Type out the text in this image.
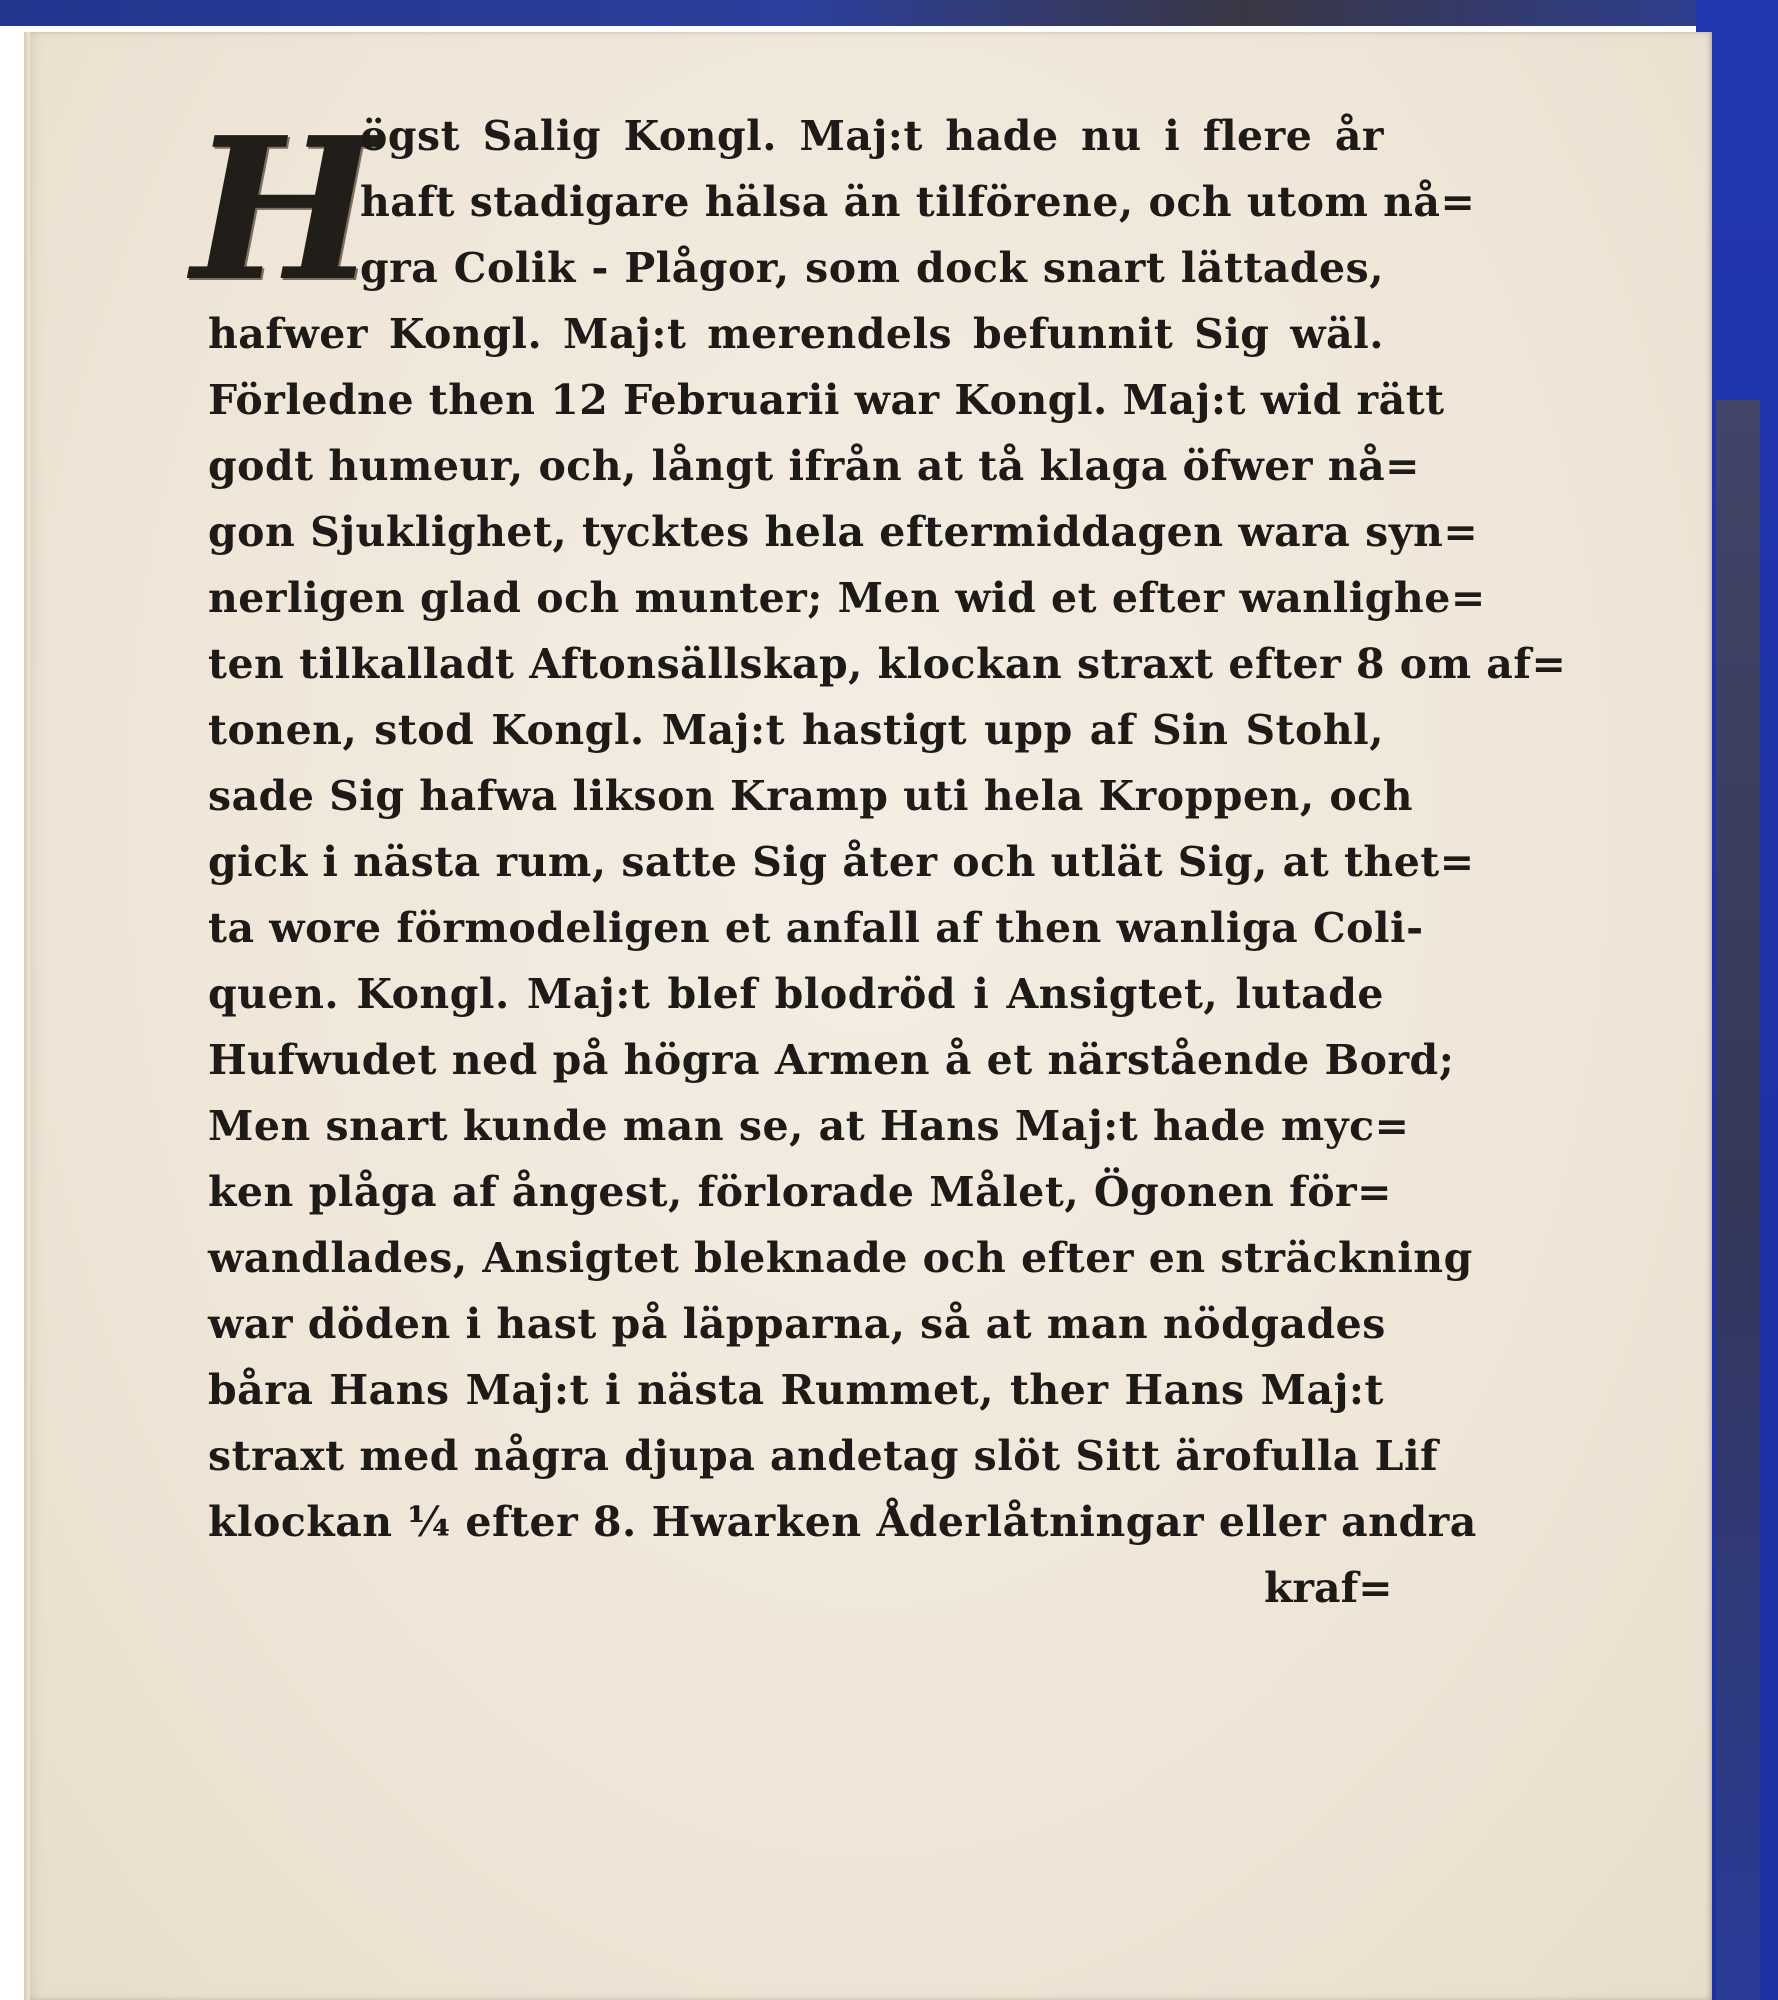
H
ögst Salig Kongl. Maj:t hade nu i flere år
haft stadigare hälsa än tilförene, och utom nå=
gra Colik - Plågor, som dock snart lättades,
hafwer Kongl. Maj:t merendels befunnit Sig wäl.
Förledne then 12 Februarii war Kongl. Maj:t wid rätt
godt humeur, och, långt ifrån at tå klaga öfwer nå=
gon Sjuklighet, tycktes hela eftermiddagen wara syn=
nerligen glad och munter; Men wid et efter wanlighe=
ten tilkalladt Aftonsällskap, klockan straxt efter 8 om af=
tonen, stod Kongl. Maj:t hastigt upp af Sin Stohl,
sade Sig hafwa likson Kramp uti hela Kroppen, och
gick i nästa rum, satte Sig åter och utlät Sig, at thet=
ta wore förmodeligen et anfall af then wanliga Coli-
quen. Kongl. Maj:t blef blodröd i Ansigtet, lutade
Hufwudet ned på högra Armen å et närstående Bord;
Men snart kunde man se, at Hans Maj:t hade myc=
ken plåga af ångest, förlorade Målet, Ögonen för=
wandlades, Ansigtet bleknade och efter en sträckning
war döden i hast på läpparna, så at man nödgades
båra Hans Maj:t i nästa Rummet, ther Hans Maj:t
straxt med några djupa andetag slöt Sitt ärofulla Lif
klockan ¼ efter 8. Hwarken Åderlåtningar eller andra
kraf=
